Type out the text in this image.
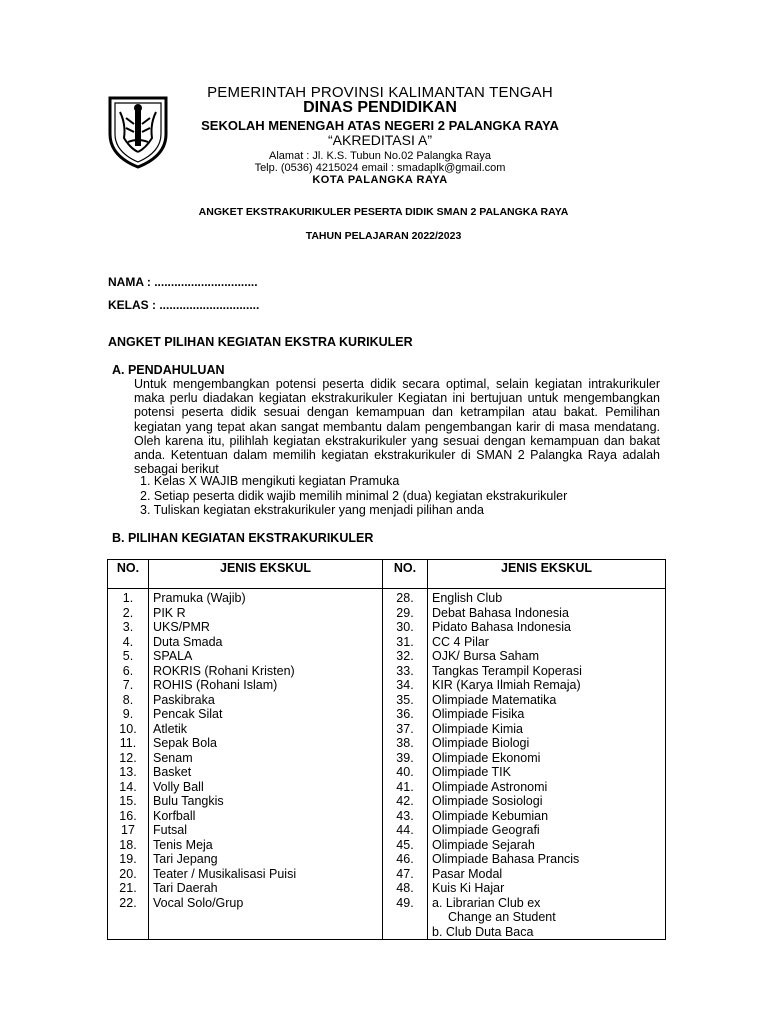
PEMERINTAH PROVINSI KALIMANTAN TENGAH
DINAS PENDIDIKAN
SEKOLAH MENENGAH ATAS NEGERI 2 PALANGKA RAYA
“AKREDITASI A”
Alamat : Jl. K.S. Tubun No.02 Palangka Raya
Telp. (0536) 4215024 email : smadaplk@gmail.com
KOTA PALANGKA RAYA
ANGKET EKSTRAKURIKULER PESERTA DIDIK SMAN 2 PALANGKA RAYA
TAHUN PELAJARAN 2022/2023
NAMA : ...............................
KELAS : ..............................
ANGKET PILIHAN KEGIATAN EKSTRA KURIKULER
A. PENDAHULUAN
Untuk mengembangkan potensi peserta didik secara optimal, selain kegiatan intrakurikuler maka perlu diadakan kegiatan ekstrakurikuler Kegiatan ini bertujuan untuk mengembangkan potensi peserta didik sesuai dengan kemampuan dan ketrampilan atau bakat. Pemilihan kegiatan yang tepat akan sangat membantu dalam pengembangan karir di masa mendatang. Oleh karena itu, pilihlah kegiatan ekstrakurikuler yang sesuai dengan kemampuan dan bakat anda. Ketentuan dalam memilih kegiatan ekstrakurikuler di SMAN 2 Palangka Raya adalah sebagai berikut
1. Kelas X WAJIB mengikuti kegiatan Pramuka
2. Setiap peserta didik wajib memilih minimal 2 (dua) kegiatan ekstrakurikuler
3. Tuliskan kegiatan ekstrakurikuler yang menjadi pilihan anda
B. PILIHAN KEGIATAN EKSTRAKURIKULER
NO.	JENIS EKSKUL	NO.	JENIS EKSKUL
1.	Pramuka (Wajib)	28.	English Club
2.	PIK R	29.	Debat Bahasa Indonesia
3.	UKS/PMR	30.	Pidato Bahasa Indonesia
4.	Duta Smada	31.	CC 4 Pilar
5.	SPALA	32.	OJK/ Bursa Saham
6.	ROKRIS (Rohani Kristen)	33.	Tangkas Terampil Koperasi
7.	ROHIS (Rohani Islam)	34.	KIR (Karya Ilmiah Remaja)
8.	Paskibraka	35.	Olimpiade Matematika
9.	Pencak Silat	36.	Olimpiade Fisika
10.	Atletik	37.	Olimpiade Kimia
11.	Sepak Bola	38.	Olimpiade Biologi
12.	Senam	39.	Olimpiade Ekonomi
13.	Basket	40.	Olimpiade TIK
14.	Volly Ball	41.	Olimpiade Astronomi
15.	Bulu Tangkis	42.	Olimpiade Sosiologi
16.	Korfball	43.	Olimpiade Kebumian
17	Futsal	44.	Olimpiade Geografi
18.	Tenis Meja	45.	Olimpiade Sejarah
19.	Tari Jepang	46.	Olimpiade Bahasa Prancis
20.	Teater / Musikalisasi Puisi	47.	Pasar Modal
21.	Tari Daerah	48.	Kuis Ki Hajar
22.	Vocal Solo/Grup	49.	a. Librarian Club ex
Change an Student
b. Club Duta Baca
